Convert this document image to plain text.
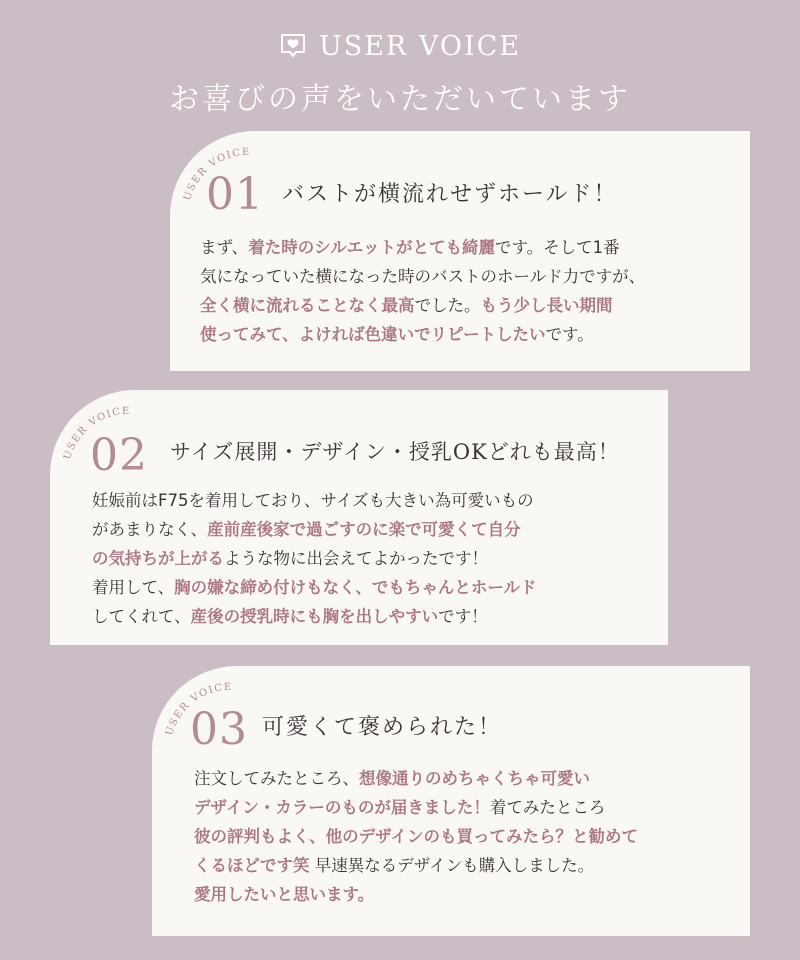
USER VOICE
お喜びの声をいただいています
USER VOICE
01 バストが横流れせずホールド！
まず、着た時のシルエットがとても綺麗です。そして1番
気になっていた横になった時のバストのホールド力ですが、
全く横に流れることなく最高でした。もう少し長い期間
使ってみて、よければ色違いでリピートしたいです。
USER VOICE
02 サイズ展開・デザイン・授乳OKどれも最高！
妊娠前はF75を着用しており、サイズも大きい為可愛いもの
があまりなく、産前産後家で過ごすのに楽で可愛くて自分
の気持ちが上がるような物に出会えてよかったです！
着用して、胸の嫌な締め付けもなく、でもちゃんとホールド
してくれて、産後の授乳時にも胸を出しやすいです！
USER VOICE
03 可愛くて褒められた！
注文してみたところ、想像通りのめちゃくちゃ可愛い
デザイン・カラーのものが届きました！着てみたところ
彼の評判もよく、他のデザインのも買ってみたら？と勧めて
くるほどです笑 早速異なるデザインも購入しました。
愛用したいと思います。
